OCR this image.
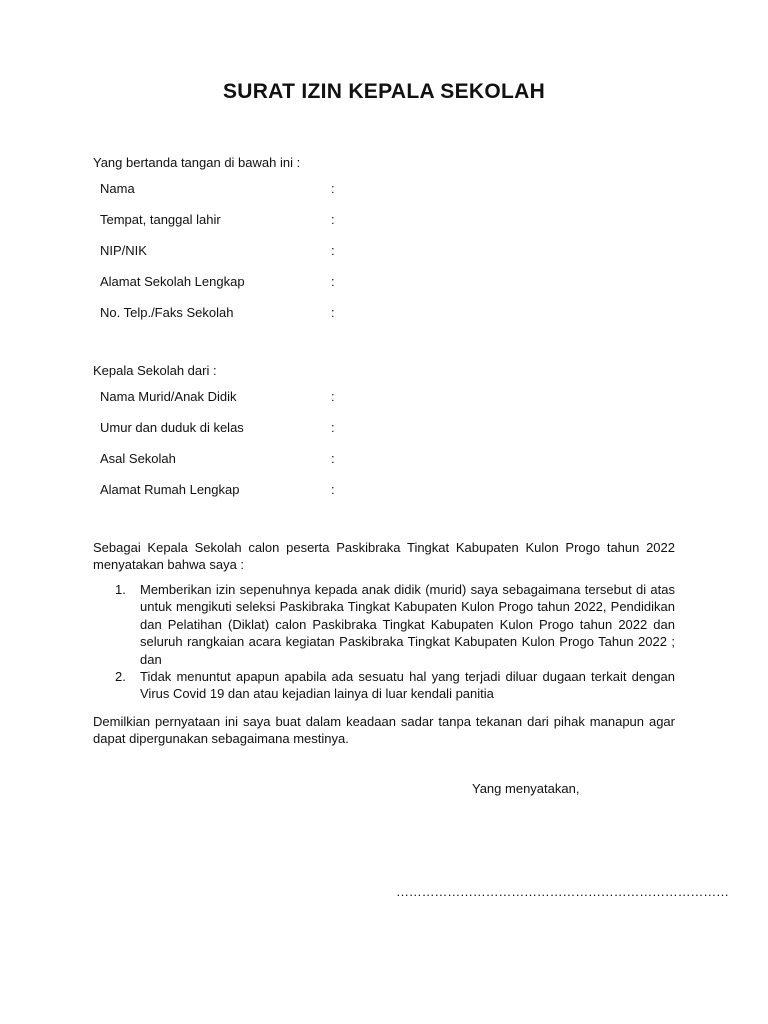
SURAT IZIN KEPALA SEKOLAH
Yang bertanda tangan di bawah ini :
Nama	:
Tempat, tanggal lahir	:
NIP/NIK	:
Alamat Sekolah Lengkap	:
No. Telp./Faks Sekolah	:
Kepala Sekolah dari :
Nama Murid/Anak Didik	:
Umur dan duduk di kelas	:
Asal Sekolah	:
Alamat Rumah Lengkap	:
Sebagai Kepala Sekolah calon peserta Paskibraka Tingkat Kabupaten Kulon Progo tahun 2022 menyatakan bahwa saya :
1. Memberikan izin sepenuhnya kepada anak didik (murid) saya sebagaimana tersebut di atas untuk mengikuti seleksi Paskibraka Tingkat Kabupaten Kulon Progo tahun 2022, Pendidikan dan Pelatihan (Diklat) calon Paskibraka Tingkat Kabupaten Kulon Progo tahun 2022 dan seluruh rangkaian acara kegiatan Paskibraka Tingkat Kabupaten Kulon Progo Tahun 2022 ; dan
2. Tidak menuntut apapun apabila ada sesuatu hal yang terjadi diluar dugaan terkait dengan Virus Covid 19 dan atau kejadian lainya di luar kendali panitia
Demilkian pernyataan ini saya buat dalam keadaan sadar tanpa tekanan dari pihak manapun agar dapat dipergunakan sebagaimana mestinya.
Yang menyatakan,
……………………………………………………………………
